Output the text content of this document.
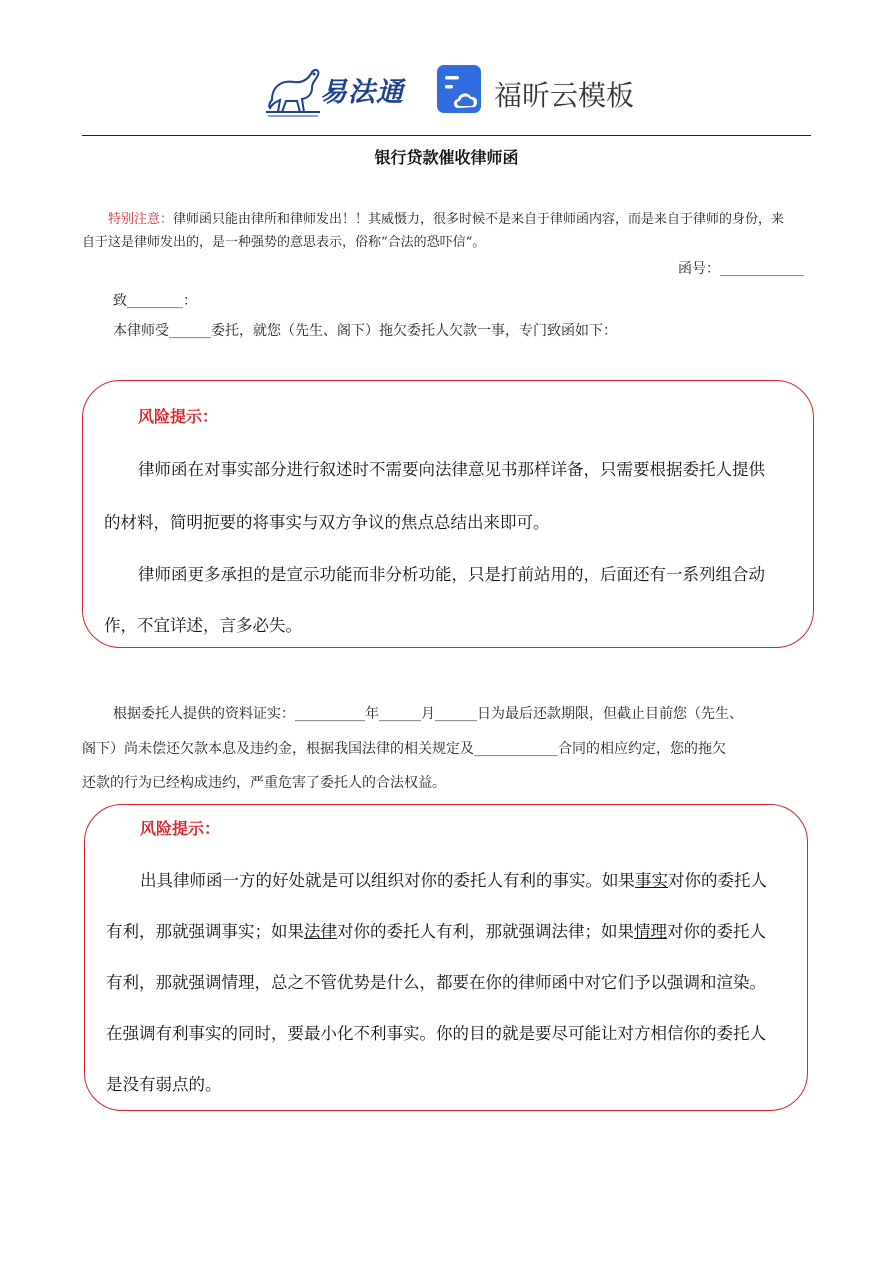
易法通	福昕云模板
银行贷款催收律师函
特别注意：律师函只能由律所和律师发出！！其威慑力，很多时候不是来自于律师函内容，而是来自于律师的身份，来
自于这是律师发出的，是一种强势的意思表示，俗称“合法的恐吓信“。
函号：____________
致________：
本律师受______委托，就您（先生、阁下）拖欠委托人欠款一事，专门致函如下：
风险提示：
律师函在对事实部分进行叙述时不需要向法律意见书那样详备，只需要根据委托人提供
的材料，简明扼要的将事实与双方争议的焦点总结出来即可。
律师函更多承担的是宣示功能而非分析功能，只是打前站用的，后面还有一系列组合动
作，不宜详述，言多必失。
根据委托人提供的资料证实：__________年______月______日为最后还款期限，但截止目前您（先生、
阁下）尚未偿还欠款本息及违约金，根据我国法律的相关规定及____________合同的相应约定，您的拖欠
还款的行为已经构成违约，严重危害了委托人的合法权益。
风险提示：
出具律师函一方的好处就是可以组织对你的委托人有利的事实。如果事实对你的委托人
有利，那就强调事实；如果法律对你的委托人有利，那就强调法律；如果情理对你的委托人
有利，那就强调情理，总之不管优势是什么，都要在你的律师函中对它们予以强调和渲染。
在强调有利事实的同时，要最小化不利事实。你的目的就是要尽可能让对方相信你的委托人
是没有弱点的。
